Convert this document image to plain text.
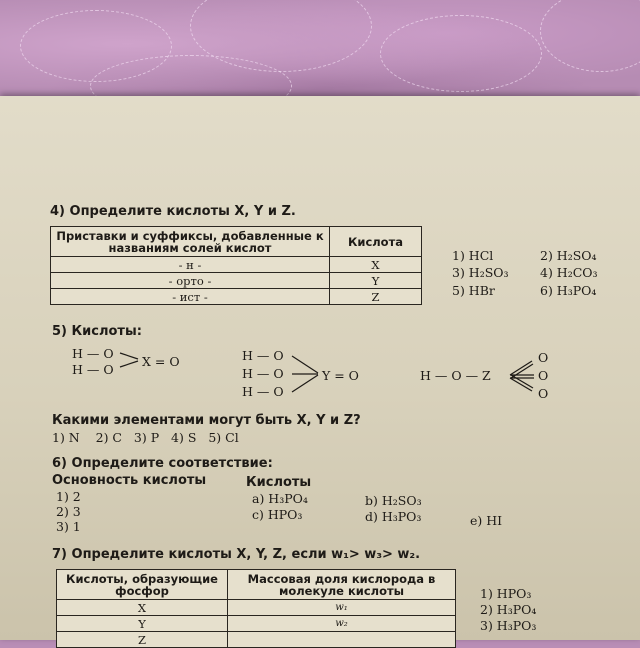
4) Определите кислоты X, Y и Z.
Приставки и суффиксы, добавленные к названиям солей кислот	Кислота
- н -	X
- орто -	Y
- ист -	Z
1) HCl	2) H₂SO₄
3) H₂SO₃	4) H₂CO₃
5) HBr	6) H₃PO₄
5) Кислоты:
H — O
H — O
X = O	H — O
H — O
H — O
Y = O	H — O — Z
O
O
O
Какими элементами могут быть X, Y и Z?
1) N    2) C   3) P   4) S   5) Cl
6) Определите соответствие:
Основность кислоты
1) 2
2) 3
3) 1
Кислоты
a) H₃PO₄	b) H₂SO₃
c) HPO₃	d) H₃PO₃	e) HI
7) Определите кислоты X, Y, Z, если w₁> w₃> w₂.
Кислоты, образующие фосфор	Массовая доля кислорода в молекуле кислоты
X	w₁
Y	w₂
Z	
1) HPO₃
2) H₃PO₄
3) H₃PO₃
